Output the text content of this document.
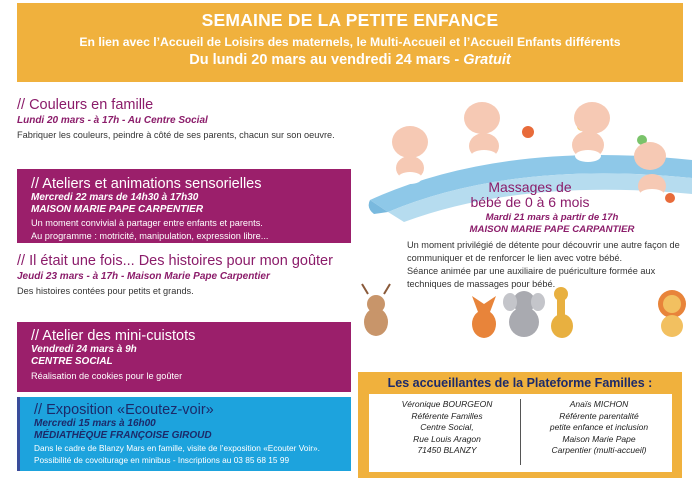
SEMAINE DE LA PETITE ENFANCE
En lien avec l’Accueil de Loisirs des maternels, le Multi-Accueil et l’Accueil Enfants différents
Du lundi 20 mars au vendredi 24 mars - Gratuit
// Couleurs en famille
Lundi 20 mars - à 17h - Au Centre Social
Fabriquer les couleurs, peindre à côté de ses parents, chacun sur son oeuvre.
// Ateliers et animations sensorielles
Mercredi 22 mars de 14h30 à 17h30
MAISON MARIE PAPE CARPENTIER
Un moment convivial à partager entre enfants et parents.
Au programme : motricité, manipulation, expression libre...
// Il était une fois... Des histoires pour mon goûter
Jeudi 23 mars - à 17h - Maison Marie Pape Carpentier
Des histoires contées pour petits et grands.
// Atelier des mini-cuistots
Vendredi 24 mars à 9h
CENTRE SOCIAL
Réalisation de cookies pour le goûter
// Exposition «Ecoutez-voir»
Mercredi 15 mars à 16h00
MÉDIATHÈQUE FRANÇOISE GIROUD
Dans le cadre de Blanzy Mars en famille, visite de l’exposition «Ecouter Voir».
Possibilité de covoiturage en minibus - Inscriptions au 03 85 68 15 99
Massages de
bébé de 0 à 6 mois
Mardi 21 mars à partir de 17h
MAISON MARIE PAPE CARPANTIER
Un moment privilégié de détente pour découvrir une autre façon de communiquer et de renforcer le lien avec votre bébé.
Séance animée par une auxiliaire de puériculture formée aux techniques de massages pour bébé.
Les accueillantes de la Plateforme Familles :
Véronique BOURGEON
Référente Familles
Centre Social,
Rue Louis Aragon
71450 BLANZY
Anaïs MICHON
Référente parentalité
petite enfance et inclusion
Maison Marie Pape
Carpentier (multi-accueil)
